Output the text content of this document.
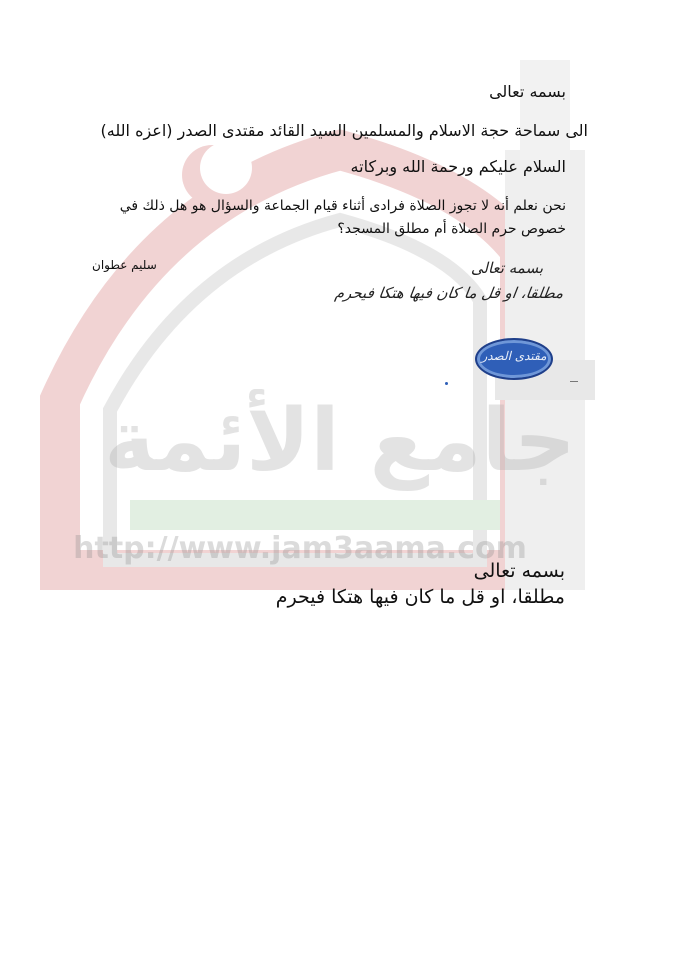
جامع الأئمة
http://www.jam3aama.com
بسمه تعالى
الى سماحة حجة الاسلام والمسلمين السيد القائد مقتدى الصدر (اعزه الله)
السلام عليكم ورحمة الله وبركاته
نحن نعلم أنه لا تجوز الصلاة فرادى أثناء قيام الجماعة والسؤال هو هل ذلك في
خصوص حرم الصلاة أم مطلق المسجد؟
سليم عطوان	بسمه تعالى
مطلقا، او قل ما كان فيها هتكا فيحرم
مقتدى الصدر
بسمه تعالى
مطلقا، او قل ما كان فيها هتكا فيحرم
